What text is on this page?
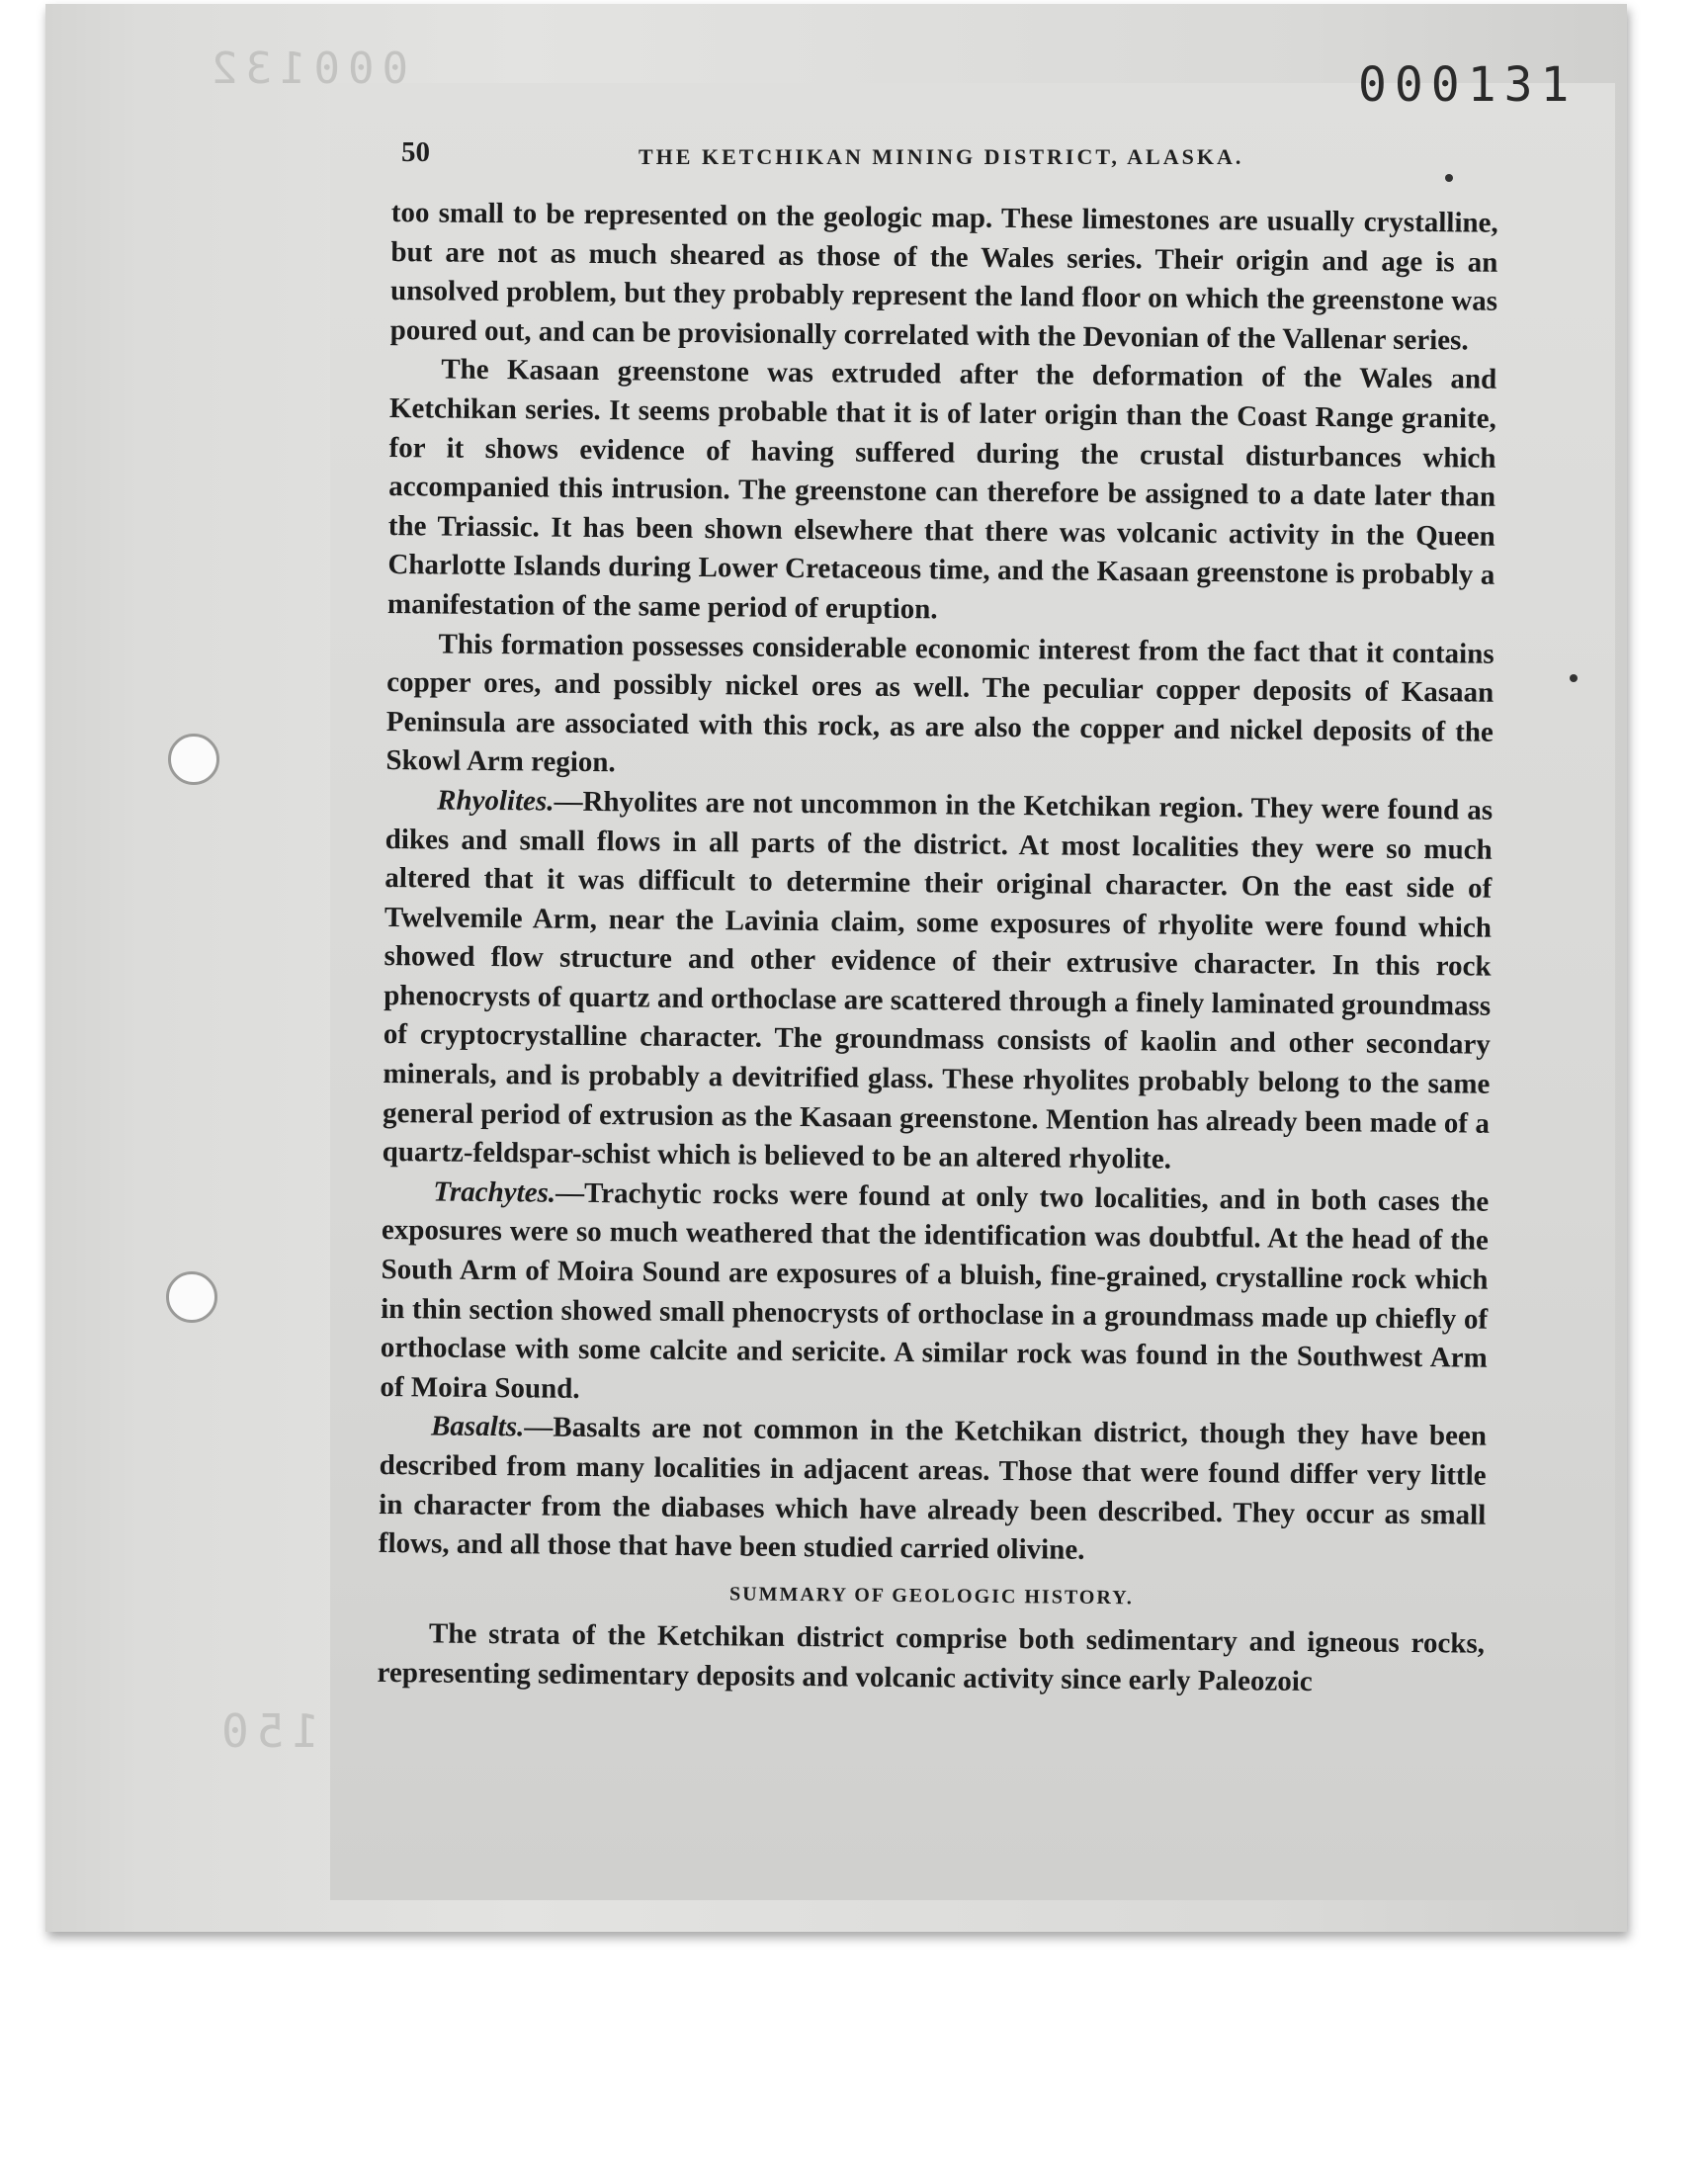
000132
150
000131
50	THE KETCHIKAN MINING DISTRICT, ALASKA.

too small to be represented on the geologic map. These limestones are usually crystalline, but are not as much sheared as those of the Wales series. Their origin and age is an unsolved problem, but they probably represent the land floor on which the greenstone was poured out, and can be provisionally correlated with the Devonian of the Vallenar series.

The Kasaan greenstone was extruded after the deformation of the Wales and Ketchikan series. It seems probable that it is of later origin than the Coast Range granite, for it shows evidence of having suffered during the crustal disturbances which accompanied this intrusion. The greenstone can therefore be assigned to a date later than the Triassic. It has been shown elsewhere that there was volcanic activity in the Queen Charlotte Islands during Lower Cretaceous time, and the Kasaan greenstone is probably a manifestation of the same period of eruption.

This formation possesses considerable economic interest from the fact that it contains copper ores, and possibly nickel ores as well. The peculiar copper deposits of Kasaan Peninsula are associated with this rock, as are also the copper and nickel deposits of the Skowl Arm region.

Rhyolites.—Rhyolites are not uncommon in the Ketchikan region. They were found as dikes and small flows in all parts of the district. At most localities they were so much altered that it was difficult to determine their original character. On the east side of Twelvemile Arm, near the Lavinia claim, some exposures of rhyolite were found which showed flow structure and other evidence of their extrusive character. In this rock phenocrysts of quartz and orthoclase are scattered through a finely laminated groundmass of cryptocrystalline character. The groundmass consists of kaolin and other secondary minerals, and is probably a devitrified glass. These rhyolites probably belong to the same general period of extrusion as the Kasaan greenstone. Mention has already been made of a quartz-feldspar-schist which is believed to be an altered rhyolite.

Trachytes.—Trachytic rocks were found at only two localities, and in both cases the exposures were so much weathered that the identification was doubtful. At the head of the South Arm of Moira Sound are exposures of a bluish, fine-grained, crystalline rock which in thin section showed small phenocrysts of orthoclase in a groundmass made up chiefly of orthoclase with some calcite and sericite. A similar rock was found in the Southwest Arm of Moira Sound.

Basalts.—Basalts are not common in the Ketchikan district, though they have been described from many localities in adjacent areas. Those that were found differ very little in character from the diabases which have already been described. They occur as small flows, and all those that have been studied carried olivine.

SUMMARY OF GEOLOGIC HISTORY.

The strata of the Ketchikan district comprise both sedimentary and igneous rocks, representing sedimentary deposits and volcanic activity since early Paleozoic
